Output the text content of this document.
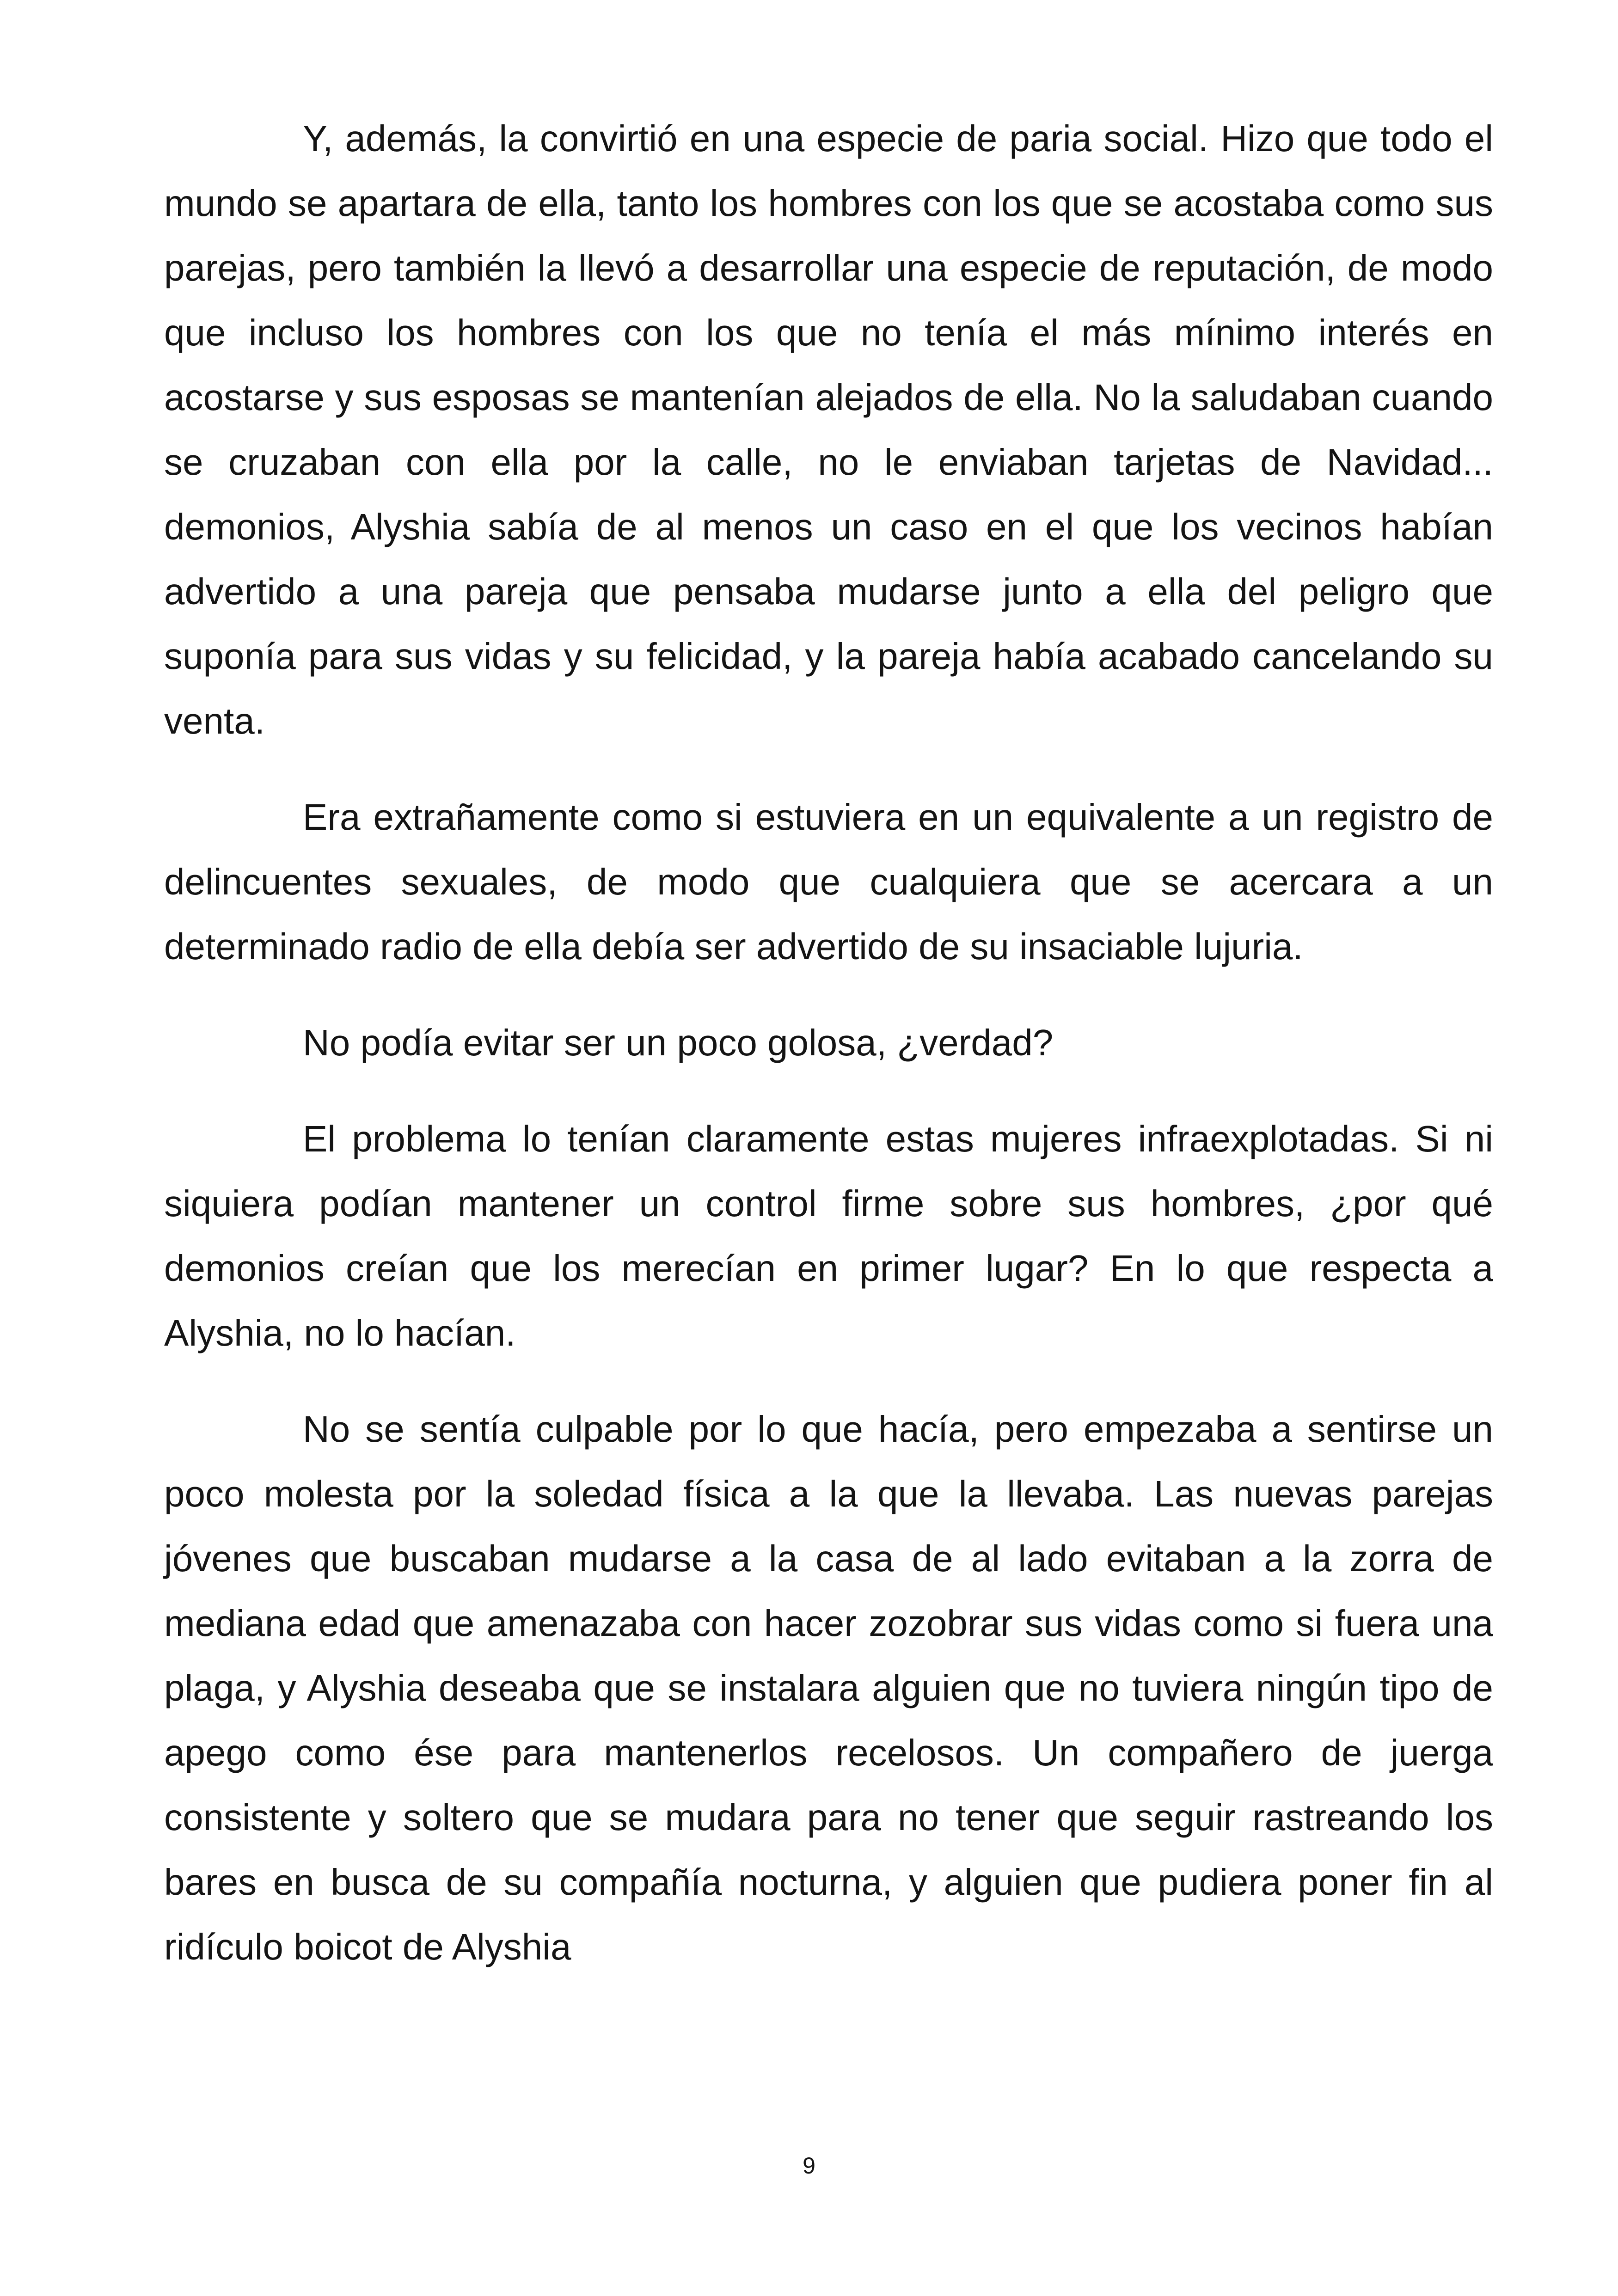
Y, además, la convirtió en una especie de paria social. Hizo que todo el mundo se apartara de ella, tanto los hombres con los que se acostaba como sus parejas, pero también la llevó a desarrollar una especie de reputación, de modo que incluso los hombres con los que no tenía el más mínimo interés en acostarse y sus esposas se mantenían alejados de ella. No la saludaban cuando se cruzaban con ella por la calle, no le enviaban tarjetas de Navidad... demonios, Alyshia sabía de al menos un caso en el que los vecinos habían advertido a una pareja que pensaba mudarse junto a ella del peligro que suponía para sus vidas y su felicidad, y la pareja había acabado cancelando su venta.

Era extrañamente como si estuviera en un equivalente a un registro de delincuentes sexuales, de modo que cualquiera que se acercara a un determinado radio de ella debía ser advertido de su insaciable lujuria.

No podía evitar ser un poco golosa, ¿verdad?

El problema lo tenían claramente estas mujeres infraexplotadas. Si ni siquiera podían mantener un control firme sobre sus hombres, ¿por qué demonios creían que los merecían en primer lugar? En lo que respecta a Alyshia, no lo hacían.

No se sentía culpable por lo que hacía, pero empezaba a sentirse un poco molesta por la soledad física a la que la llevaba. Las nuevas parejas jóvenes que buscaban mudarse a la casa de al lado evitaban a la zorra de mediana edad que amenazaba con hacer zozobrar sus vidas como si fuera una plaga, y Alyshia deseaba que se instalara alguien que no tuviera ningún tipo de apego como ése para mantenerlos recelosos. Un compañero de juerga consistente y soltero que se mudara para no tener que seguir rastreando los bares en busca de su compañía nocturna, y alguien que pudiera poner fin al ridículo boicot de Alyshia

9
